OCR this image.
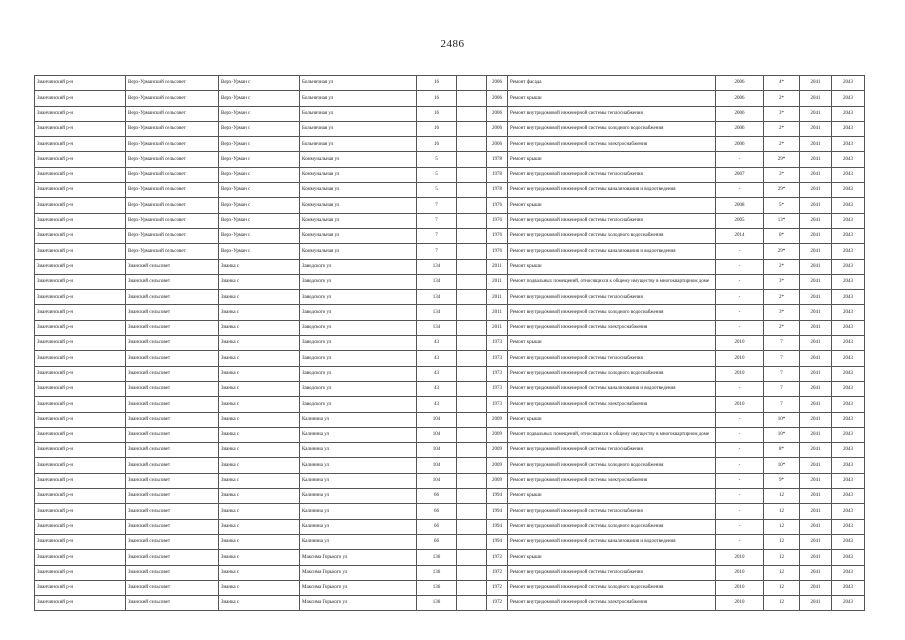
2486
Зианчинский р-н	Верх-Урманский сельсовет	Верх-Урман с	Больничная ул	16		2006	Ремонт фасада	2006	4*	2041	2043
Зианчинский р-н	Верх-Урманский сельсовет	Верх-Урман с	Больничная ул	16		2006	Ремонт крыши	2006	2*	2041	2043
Зианчинский р-н	Верх-Урманский сельсовет	Верх-Урман с	Больничная ул	16		2006	Ремонт внутридомовой инженерной системы теплоснабжения	2006	3*	2041	2043
Зианчинский р-н	Верх-Урманский сельсовет	Верх-Урман с	Больничная ул	16		2006	Ремонт внутридомовой инженерной системы холодного водоснабжения	2006	2*	2041	2043
Зианчинский р-н	Верх-Урманский сельсовет	Верх-Урман с	Больничная ул	16		2006	Ремонт внутридомовой инженерной системы электроснабжения	2006	2*	2041	2043
Зианчинский р-н	Верх-Урманский сельсовет	Верх-Урман с	Коммунальная ул	5		1978	Ремонт крыши	-	29*	2041	2043
Зианчинский р-н	Верх-Урманский сельсовет	Верх-Урман с	Коммунальная ул	5		1978	Ремонт внутридомовой инженерной системы теплоснабжения	2007	3*	2041	2043
Зианчинский р-н	Верх-Урманский сельсовет	Верх-Урман с	Коммунальная ул	5		1978	Ремонт внутридомовой инженерной системы канализования и водоотведения	-	29*	2041	2043
Зианчинский р-н	Верх-Урманский сельсовет	Верх-Урман с	Коммунальная ул	7		1976	Ремонт крыши	2008	5*	2041	2043
Зианчинский р-н	Верх-Урманский сельсовет	Верх-Урман с	Коммунальная ул	7		1976	Ремонт внутридомовой инженерной системы теплоснабжения	2005	13*	2041	2043
Зианчинский р-н	Верх-Урманский сельсовет	Верх-Урман с	Коммунальная ул	7		1976	Ремонт внутридомовой инженерной системы холодного водоснабжения	2014	0*	2041	2043
Зианчинский р-н	Верх-Урманский сельсовет	Верх-Урман с	Коммунальная ул	7		1976	Ремонт внутридомовой инженерной системы канализования и водоотведения	-	29*	2041	2043
Зианчинский р-н	Зианский сельсовет	Зианка с	Заводского ул	134		2011	Ремонт крыши	-	2*	2041	2043
Зианчинский р-н	Зианский сельсовет	Зианка с	Заводского ул	134		2011	Ремонт подвальных помещений, относящихся к общему имуществу в многоквартирном доме	-	3*	2041	2043
Зианчинский р-н	Зианский сельсовет	Зианка с	Заводского ул	134		2011	Ремонт внутридомовой инженерной системы теплоснабжения	-	2*	2041	2043
Зианчинский р-н	Зианский сельсовет	Зианка с	Заводского ул	134		2011	Ремонт внутридомовой инженерной системы холодного водоснабжения	-	3*	2041	2043
Зианчинский р-н	Зианский сельсовет	Зианка с	Заводского ул	134		2011	Ремонт внутридомовой инженерной системы электроснабжения	-	2*	2041	2043
Зианчинский р-н	Зианский сельсовет	Зианка с	Заводского ул	43		1973	Ремонт крыши	2010	7	2041	2043
Зианчинский р-н	Зианский сельсовет	Зианка с	Заводского ул	43		1973	Ремонт внутридомовой инженерной системы теплоснабжения	2010	7	2041	2043
Зианчинский р-н	Зианский сельсовет	Зианка с	Заводского ул	43		1973	Ремонт внутридомовой инженерной системы холодного водоснабжения	2010	7	2041	2043
Зианчинский р-н	Зианский сельсовет	Зианка с	Заводского ул	43		1973	Ремонт внутридомовой инженерной системы канализования и водоотведения	-	7	2041	2043
Зианчинский р-н	Зианский сельсовет	Зианка с	Заводского ул	43		1973	Ремонт внутридомовой инженерной системы электроснабжения	2010	7	2041	2043
Зианчинский р-н	Зианский сельсовет	Зианка с	Калинина ул	104		2009	Ремонт крыши	-	10*	2041	2043
Зианчинский р-н	Зианский сельсовет	Зианка с	Калинина ул	104		2009	Ремонт подвальных помещений, относящихся к общему имуществу в многоквартирном доме	-	10*	2041	2043
Зианчинский р-н	Зианский сельсовет	Зианка с	Калинина ул	104		2009	Ремонт внутридомовой инженерной системы теплоснабжения	-	8*	2041	2043
Зианчинский р-н	Зианский сельсовет	Зианка с	Калинина ул	104		2009	Ремонт внутридомовой инженерной системы холодного водоснабжения	-	10*	2041	2043
Зианчинский р-н	Зианский сельсовет	Зианка с	Калинина ул	104		2009	Ремонт внутридомовой инженерной системы электроснабжения	-	9*	2041	2043
Зианчинский р-н	Зианский сельсовет	Зианка с	Калинина ул	66		1994	Ремонт крыши	-	12	2041	2043
Зианчинский р-н	Зианский сельсовет	Зианка с	Калинина ул	66		1994	Ремонт внутридомовой инженерной системы теплоснабжения	-	12	2041	2043
Зианчинский р-н	Зианский сельсовет	Зианка с	Калинина ул	66		1994	Ремонт внутридомовой инженерной системы холодного водоснабжения	-	12	2041	2043
Зианчинский р-н	Зианский сельсовет	Зианка с	Калинина ул	66		1994	Ремонт внутридомовой инженерной системы канализования и водоотведения	-	12	2041	2043
Зианчинский р-н	Зианский сельсовет	Зианка с	Максима Горького ул	136		1972	Ремонт крыши	2010	12	2041	2043
Зианчинский р-н	Зианский сельсовет	Зианка с	Максима Горького ул	136		1972	Ремонт внутридомовой инженерной системы теплоснабжения	2010	12	2041	2043
Зианчинский р-н	Зианский сельсовет	Зианка с	Максима Горького ул	136		1972	Ремонт внутридомовой инженерной системы холодного водоснабжения	2010	12	2041	2043
Зианчинский р-н	Зианский сельсовет	Зианка с	Максима Горького ул	136		1972	Ремонт внутридомовой инженерной системы электроснабжения	2010	12	2041	2043
